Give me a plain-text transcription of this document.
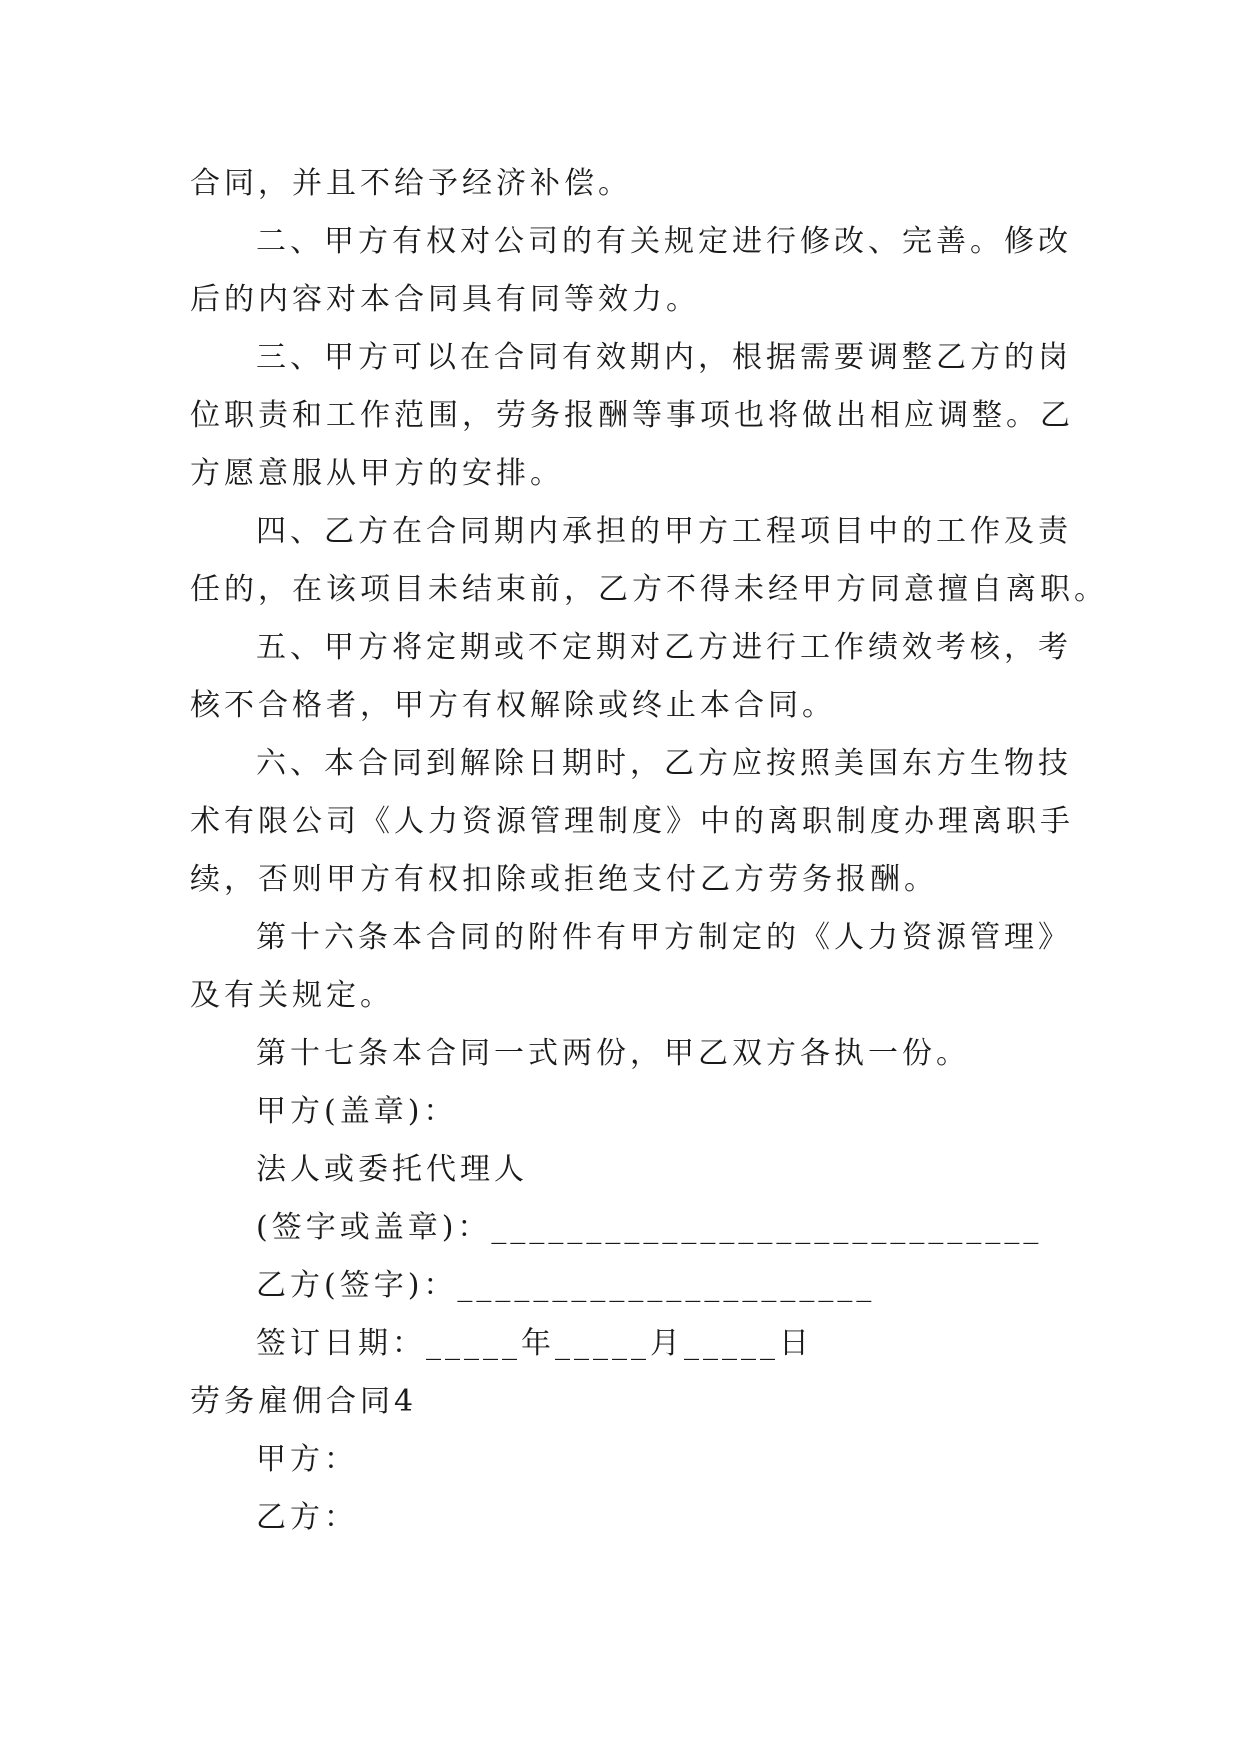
合同，并且不给予经济补偿。
二、甲方有权对公司的有关规定进行修改、完善。修改
后的内容对本合同具有同等效力。
三、甲方可以在合同有效期内，根据需要调整乙方的岗
位职责和工作范围，劳务报酬等事项也将做出相应调整。乙
方愿意服从甲方的安排。
四、乙方在合同期内承担的甲方工程项目中的工作及责
任的，在该项目未结束前，乙方不得未经甲方同意擅自离职。
五、甲方将定期或不定期对乙方进行工作绩效考核，考
核不合格者，甲方有权解除或终止本合同。
六、本合同到解除日期时，乙方应按照美国东方生物技
术有限公司《人力资源管理制度》中的离职制度办理离职手
续，否则甲方有权扣除或拒绝支付乙方劳务报酬。
第十六条本合同的附件有甲方制定的《人力资源管理》
及有关规定。
第十七条本合同一式两份，甲乙双方各执一份。
甲方(盖章)：
法人或委托代理人
(签字或盖章)：_____________________________
乙方(签字)：______________________
签订日期：_____年_____月_____日
劳务雇佣合同4
甲方：
乙方：
